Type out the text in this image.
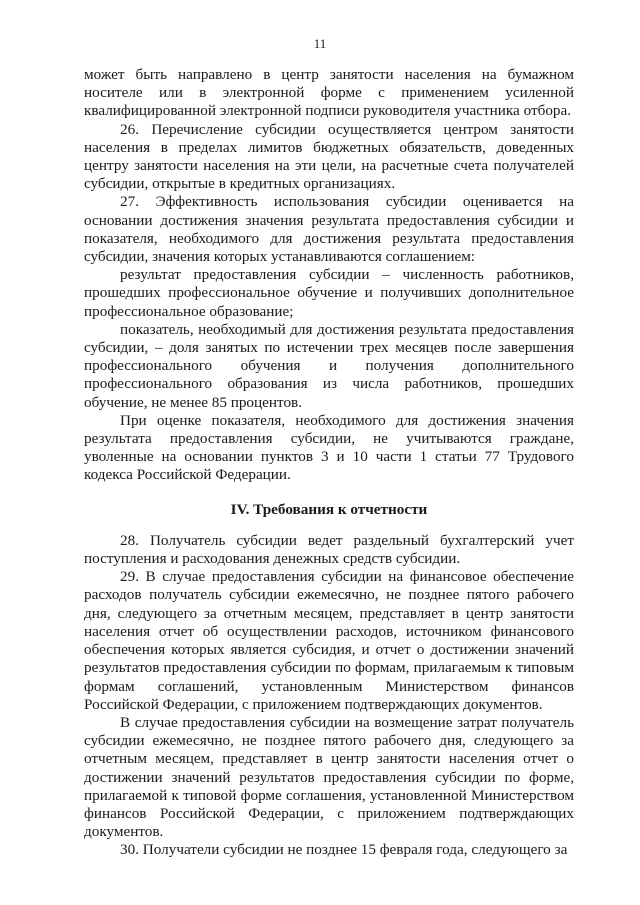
11

может быть направлено в центр занятости населения на бумажном носителе или в электронной форме с применением усиленной квалифицированной электронной подписи руководителя участника отбора.

26. Перечисление субсидии осуществляется центром занятости населения в пределах лимитов бюджетных обязательств, доведенных центру занятости населения на эти цели, на расчетные счета получателей субсидии, открытые в кредитных организациях.

27. Эффективность использования субсидии оценивается на основании достижения значения результата предоставления субсидии и показателя, необходимого для достижения результата предоставления субсидии, значения которых устанавливаются соглашением:

результат предоставления субсидии – численность работников, прошедших профессиональное обучение и получивших дополнительное профессиональное образование;

показатель, необходимый для достижения результата предоставления субсидии, – доля занятых по истечении трех месяцев после завершения профессионального обучения и получения дополнительного профессионального образования из числа работников, прошедших обучение, не менее 85 процентов.

При оценке показателя, необходимого для достижения значения результата предоставления субсидии, не учитываются граждане, уволенные на основании пунктов 3 и 10 части 1 статьи 77 Трудового кодекса Российской Федерации.

IV. Требования к отчетности

28. Получатель субсидии ведет раздельный бухгалтерский учет поступления и расходования денежных средств субсидии.

29. В случае предоставления субсидии на финансовое обеспечение расходов получатель субсидии ежемесячно, не позднее пятого рабочего дня, следующего за отчетным месяцем, представляет в центр занятости населения отчет об осуществлении расходов, источником финансового обеспечения которых является субсидия, и отчет о достижении значений результатов предоставления субсидии по формам, прилагаемым к типовым формам соглашений, установленным Министерством финансов Российской Федерации, с приложением подтверждающих документов.

В случае предоставления субсидии на возмещение затрат получатель субсидии ежемесячно, не позднее пятого рабочего дня, следующего за отчетным месяцем, представляет в центр занятости населения отчет о достижении значений результатов предоставления субсидии по форме, прилагаемой к типовой форме соглашения, установленной Министерством финансов Российской Федерации, с приложением подтверждающих документов.

30. Получатели субсидии не позднее 15 февраля года, следующего за
